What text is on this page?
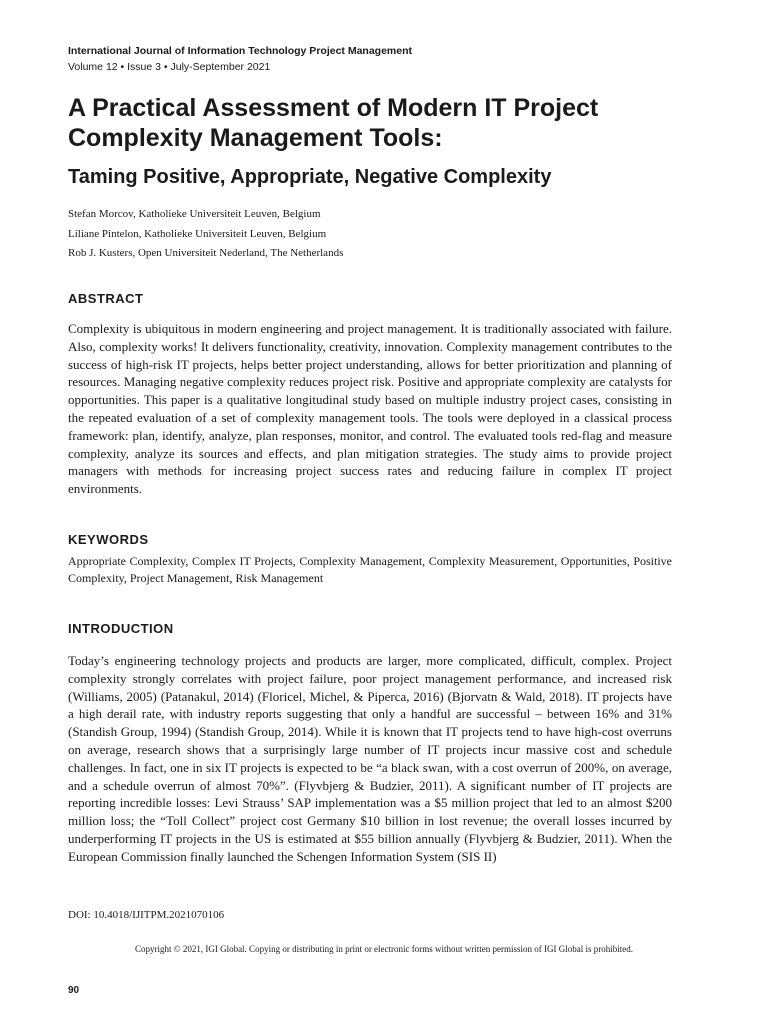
International Journal of Information Technology Project Management
Volume 12 • Issue 3 • July-September 2021
A Practical Assessment of Modern IT Project Complexity Management Tools:
Taming Positive, Appropriate, Negative Complexity
Stefan Morcov, Katholieke Universiteit Leuven, Belgium
Liliane Pintelon, Katholieke Universiteit Leuven, Belgium
Rob J. Kusters, Open Universiteit Nederland, The Netherlands
ABSTRACT

Complexity is ubiquitous in modern engineering and project management. It is traditionally associated with failure. Also, complexity works! It delivers functionality, creativity, innovation. Complexity management contributes to the success of high-risk IT projects, helps better project understanding, allows for better prioritization and planning of resources. Managing negative complexity reduces project risk. Positive and appropriate complexity are catalysts for opportunities. This paper is a qualitative longitudinal study based on multiple industry project cases, consisting in the repeated evaluation of a set of complexity management tools. The tools were deployed in a classical process framework: plan, identify, analyze, plan responses, monitor, and control. The evaluated tools red-flag and measure complexity, analyze its sources and effects, and plan mitigation strategies. The study aims to provide project managers with methods for increasing project success rates and reducing failure in complex IT project environments.

KEYWORDS

Appropriate Complexity, Complex IT Projects, Complexity Management, Complexity Measurement, Opportunities, Positive Complexity, Project Management, Risk Management

INTRODUCTION

Today’s engineering technology projects and products are larger, more complicated, difficult, complex. Project complexity strongly correlates with project failure, poor project management performance, and increased risk (Williams, 2005) (Patanakul, 2014) (Floricel, Michel, & Piperca, 2016) (Bjorvatn & Wald, 2018). IT projects have a high derail rate, with industry reports suggesting that only a handful are successful – between 16% and 31% (Standish Group, 1994) (Standish Group, 2014). While it is known that IT projects tend to have high-cost overruns on average, research shows that a surprisingly large number of IT projects incur massive cost and schedule challenges. In fact, one in six IT projects is expected to be “a black swan, with a cost overrun of 200%, on average, and a schedule overrun of almost 70%”. (Flyvbjerg & Budzier, 2011). A significant number of IT projects are reporting incredible losses: Levi Strauss’ SAP implementation was a $5 million project that led to an almost $200 million loss; the “Toll Collect” project cost Germany $10 billion in lost revenue; the overall losses incurred by underperforming IT projects in the US is estimated at $55 billion annually (Flyvbjerg & Budzier, 2011). When the European Commission finally launched the Schengen Information System (SIS II)

DOI: 10.4018/IJITPM.2021070106
Copyright © 2021, IGI Global. Copying or distributing in print or electronic forms without written permission of IGI Global is prohibited.
90
